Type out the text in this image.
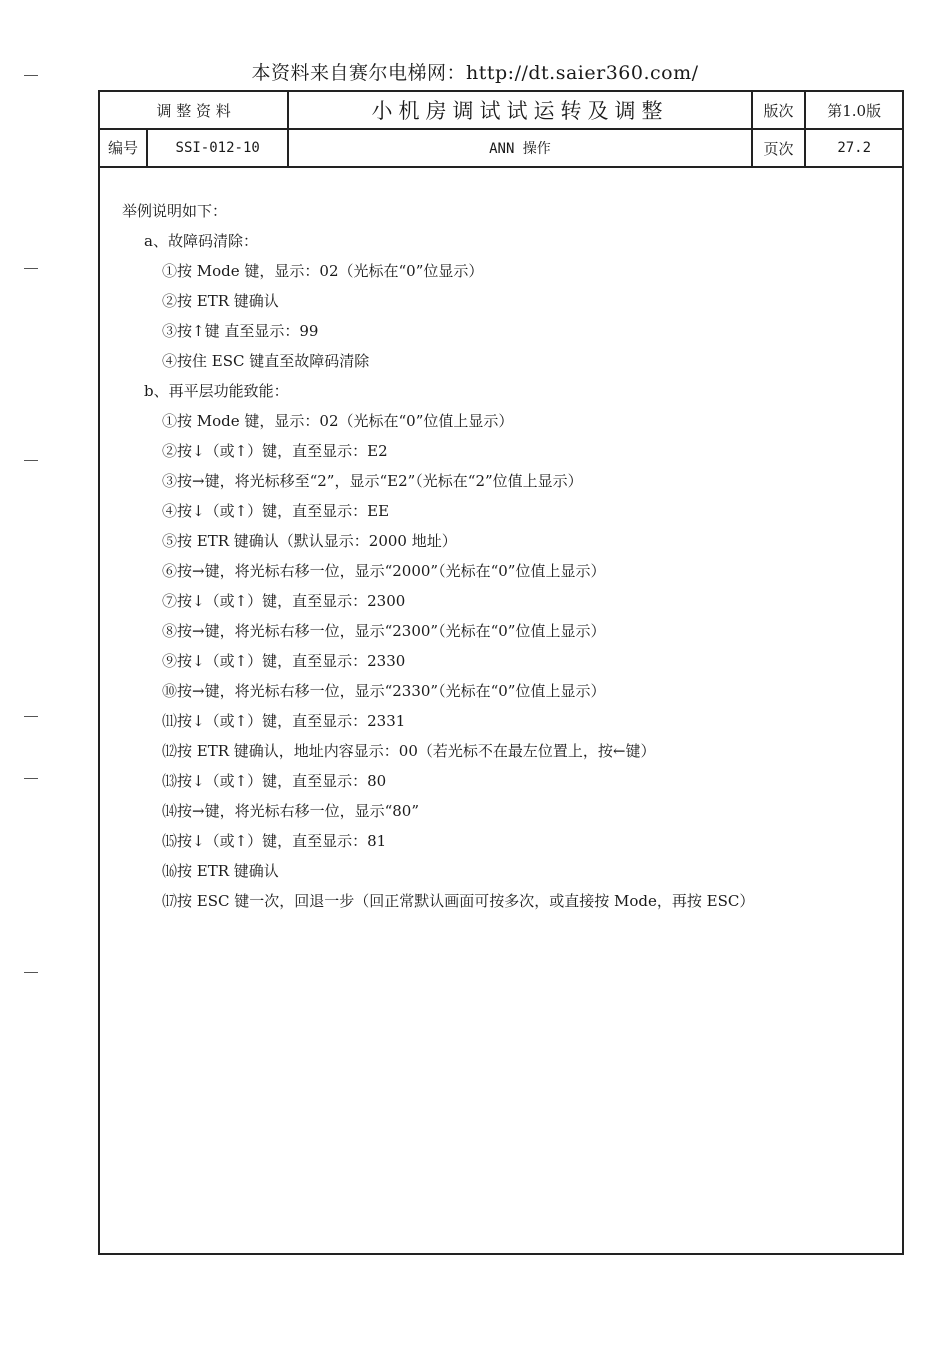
本资料来自赛尔电梯网：http://dt.saier360.com/
调 整 资 料	小机房调试试运转及调整	版次	第1.0版

编号 SSI-012-10	ANN 操作	页次	27.2
举例说明如下：
a、故障码清除：
①按 Mode 键，显示：02（光标在“0”位显示）
②按 ETR 键确认
③按↑键 直至显示：99
④按住 ESC 键直至故障码清除
b、再平层功能致能：
①按 Mode 键，显示：02（光标在“0”位值上显示）
②按↓（或↑）键，直至显示：E2
③按→键，将光标移至“2”，显示“E2”（光标在“2”位值上显示）
④按↓（或↑）键，直至显示：EE
⑤按 ETR 键确认（默认显示：2000 地址）
⑥按→键，将光标右移一位，显示“2000”（光标在“0”位值上显示）
⑦按↓（或↑）键，直至显示：2300
⑧按→键，将光标右移一位，显示“2300”（光标在“0”位值上显示）
⑨按↓（或↑）键，直至显示：2330
⑩按→键，将光标右移一位，显示“2330”（光标在“0”位值上显示）
⑾按↓（或↑）键，直至显示：2331
⑿按 ETR 键确认，地址内容显示：00（若光标不在最左位置上，按←键）
⒀按↓（或↑）键，直至显示：80
⒁按→键，将光标右移一位，显示“80”
⒂按↓（或↑）键，直至显示：81
⒃按 ETR 键确认
⒄按 ESC 键一次，回退一步（回正常默认画面可按多次，或直接按 Mode，再按 ESC）
